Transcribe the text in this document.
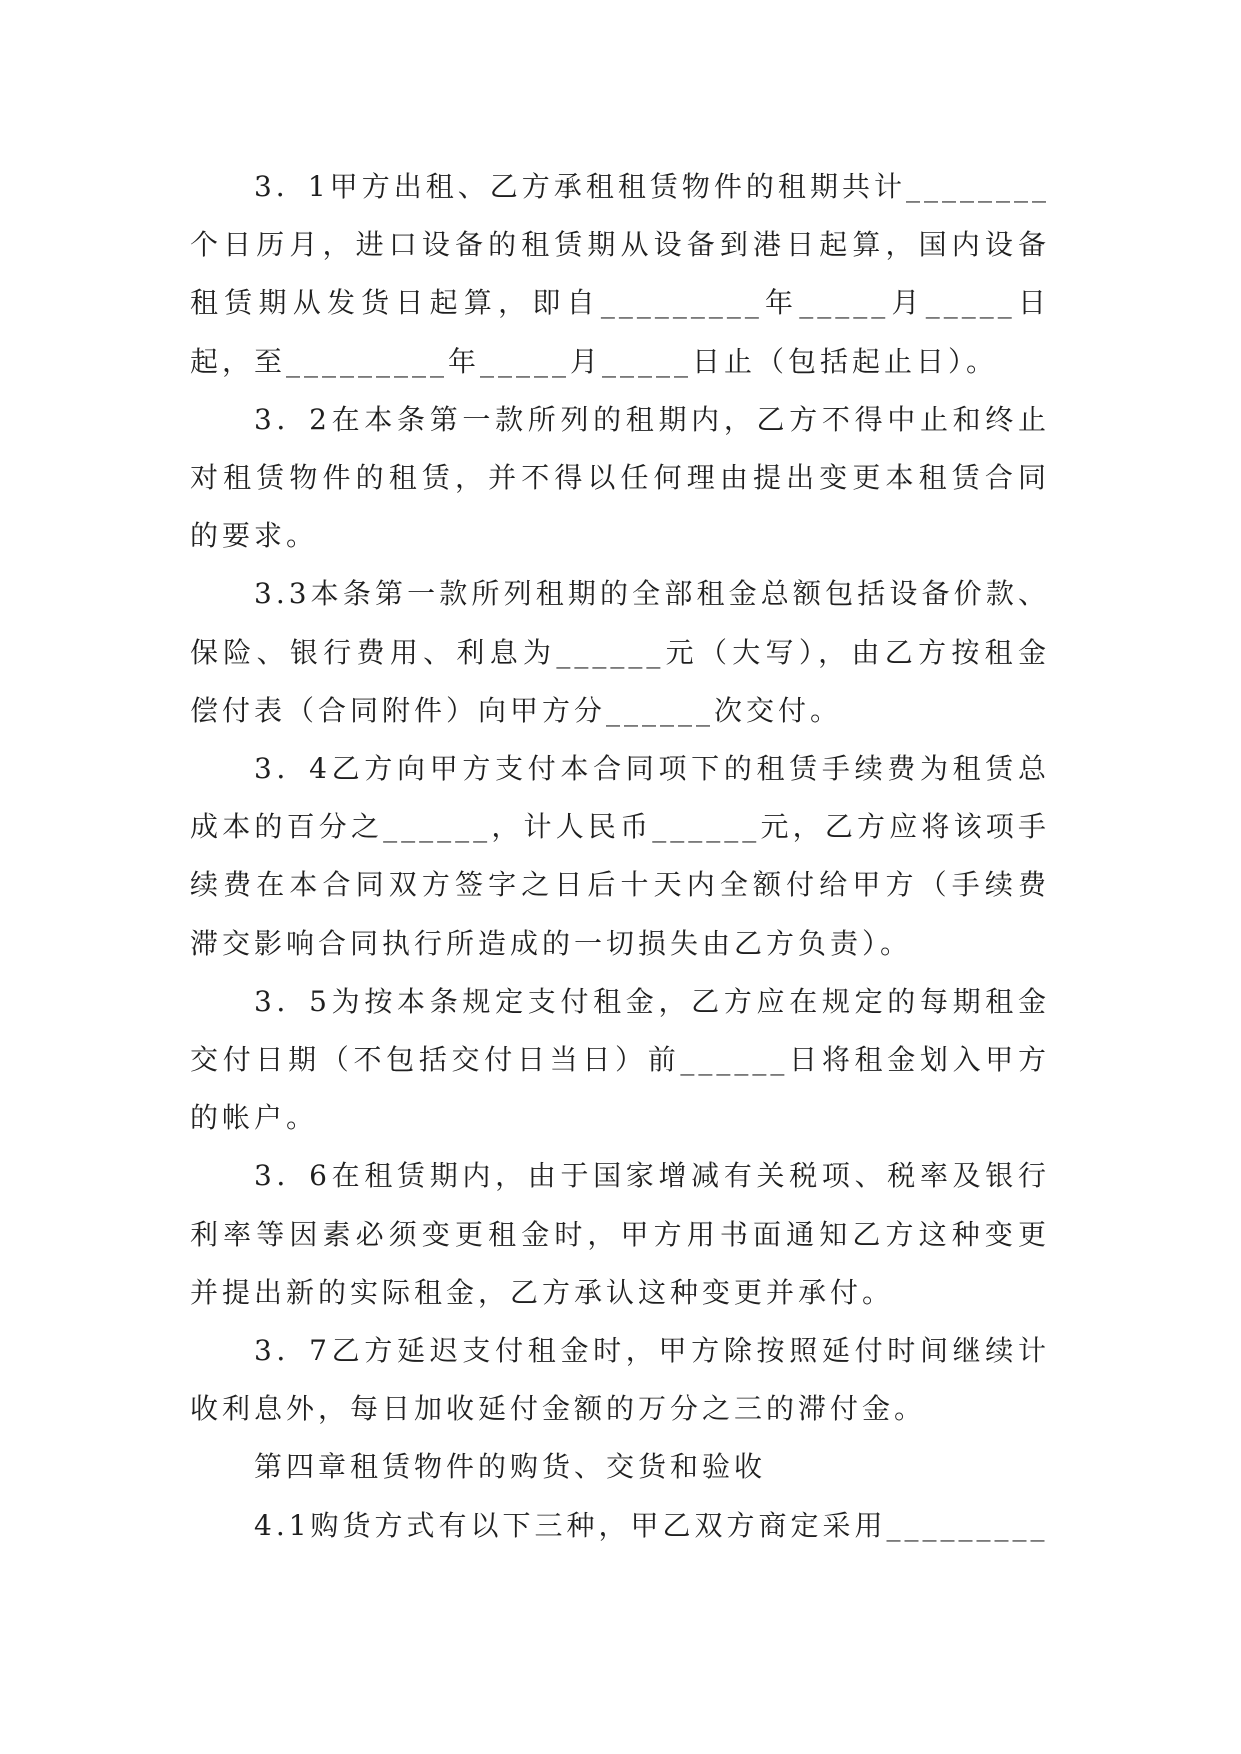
3．1甲方出租、乙方承租租赁物件的租期共计________个日历月，进口设备的租赁期从设备到港日起算，国内设备租赁期从发货日起算，即自_________年_____月_____日起，至_________年_____月_____日止（包括起止日）。

3．2在本条第一款所列的租期内，乙方不得中止和终止对租赁物件的租赁，并不得以任何理由提出变更本租赁合同的要求。

3.3本条第一款所列租期的全部租金总额包括设备价款、保险、银行费用、利息为______元（大写），由乙方按租金偿付表（合同附件）向甲方分______次交付。

3．4乙方向甲方支付本合同项下的租赁手续费为租赁总成本的百分之______，计人民币______元，乙方应将该项手续费在本合同双方签字之日后十天内全额付给甲方（手续费滞交影响合同执行所造成的一切损失由乙方负责）。

3．5为按本条规定支付租金，乙方应在规定的每期租金交付日期（不包括交付日当日）前______日将租金划入甲方的帐户。

3．6在租赁期内，由于国家增减有关税项、税率及银行利率等因素必须变更租金时，甲方用书面通知乙方这种变更并提出新的实际租金，乙方承认这种变更并承付。

3．7乙方延迟支付租金时，甲方除按照延付时间继续计收利息外，每日加收延付金额的万分之三的滞付金。

第四章租赁物件的购货、交货和验收

4.1购货方式有以下三种，甲乙双方商定采用_________
